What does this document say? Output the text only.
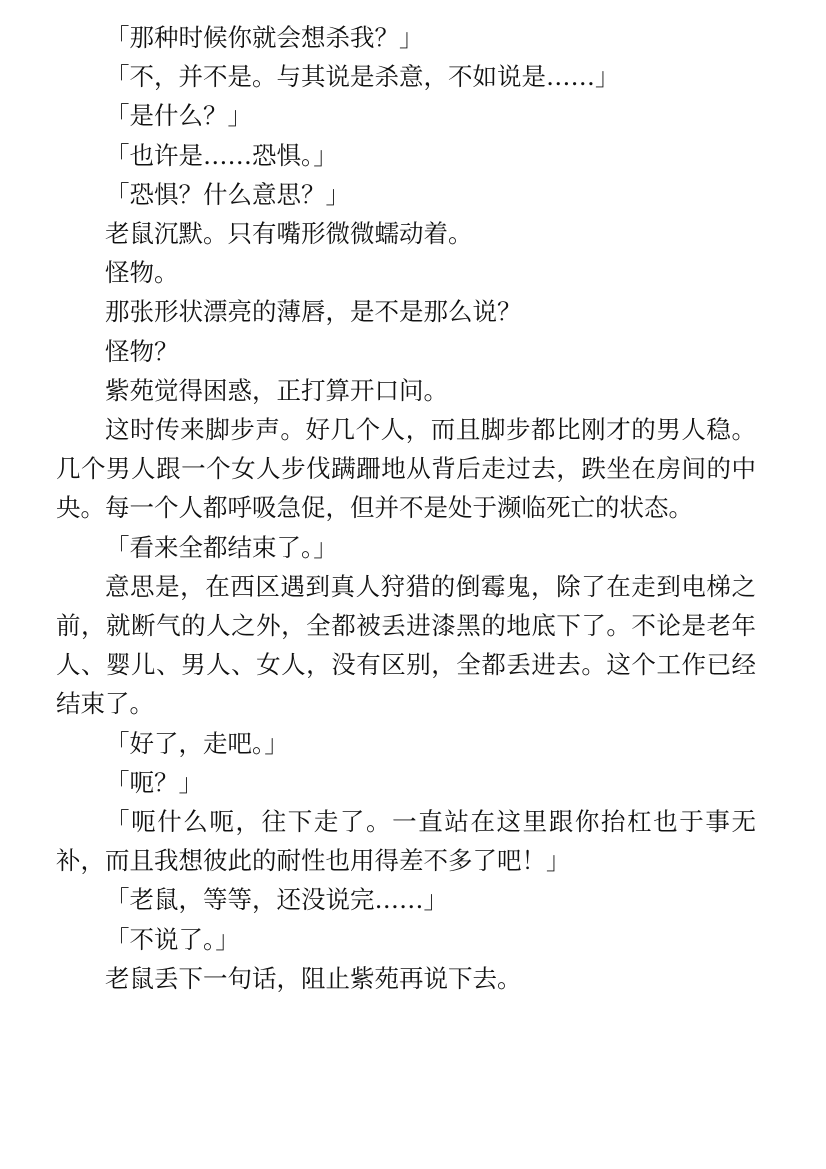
「那种时候你就会想杀我？」

「不，并不是。与其说是杀意，不如说是……」

「是什么？」

「也许是……恐惧。」

「恐惧？什么意思？」

老鼠沉默。只有嘴形微微蠕动着。

怪物。

那张形状漂亮的薄唇，是不是那么说？

怪物？

紫苑觉得困惑，正打算开口问。

这时传来脚步声。好几个人，而且脚步都比刚才的男人稳。几个男人跟一个女人步伐蹒跚地从背后走过去，跌坐在房间的中央。每一个人都呼吸急促，但并不是处于濒临死亡的状态。

「看来全都结束了。」

意思是，在西区遇到真人狩猎的倒霉鬼，除了在走到电梯之前，就断气的人之外，全都被丢进漆黑的地底下了。不论是老年人、婴儿、男人、女人，没有区别，全都丢进去。这个工作已经结束了。

「好了，走吧。」

「呃？」

「呃什么呃，往下走了。一直站在这里跟你抬杠也于事无补，而且我想彼此的耐性也用得差不多了吧！」

「老鼠，等等，还没说完……」

「不说了。」

老鼠丢下一句话，阻止紫苑再说下去。
